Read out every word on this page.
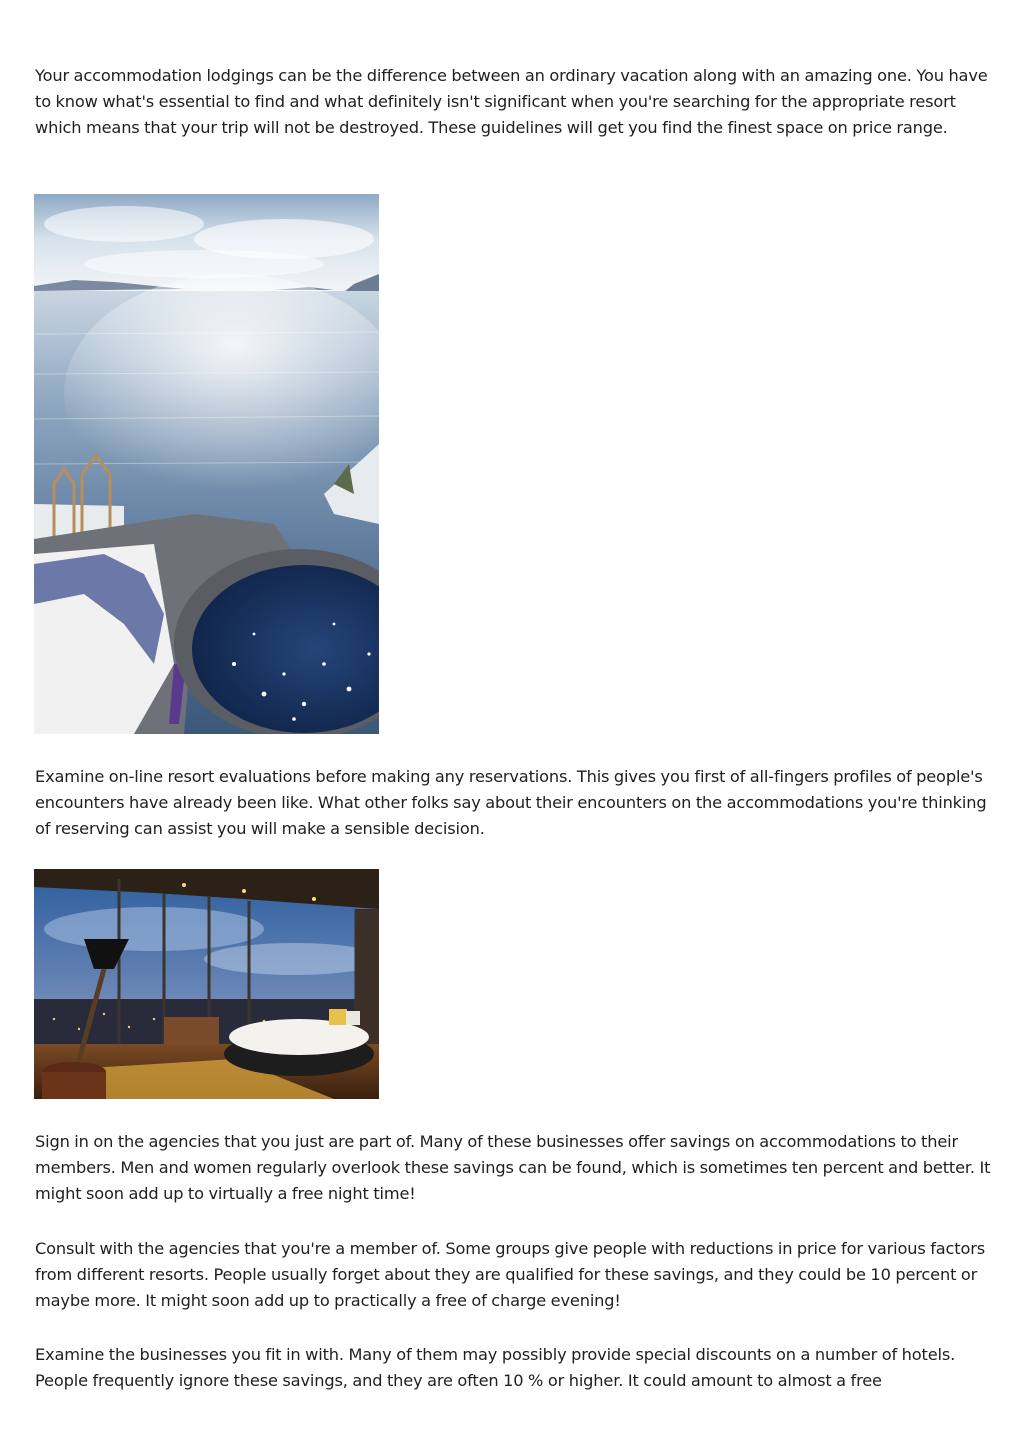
Your accommodation lodgings can be the difference between an ordinary vacation along with an amazing one. You have to know what's essential to find and what definitely isn't significant when you're searching for the appropriate resort which means that your trip will not be destroyed. These guidelines will get you find the finest space on price range.

Examine on-line resort evaluations before making any reservations. This gives you first of all-fingers profiles of people's encounters have already been like. What other folks say about their encounters on the accommodations you're thinking of reserving can assist you will make a sensible decision.

Sign in on the agencies that you just are part of. Many of these businesses offer savings on accommodations to their members. Men and women regularly overlook these savings can be found, which is sometimes ten percent and better. It might soon add up to virtually a free night time!

Consult with the agencies that you're a member of. Some groups give people with reductions in price for various factors from different resorts. People usually forget about they are qualified for these savings, and they could be 10 percent or maybe more. It might soon add up to practically a free of charge evening!

Examine the businesses you fit in with. Many of them may possibly provide special discounts on a number of hotels. People frequently ignore these savings, and they are often 10 % or higher. It could amount to almost a free
